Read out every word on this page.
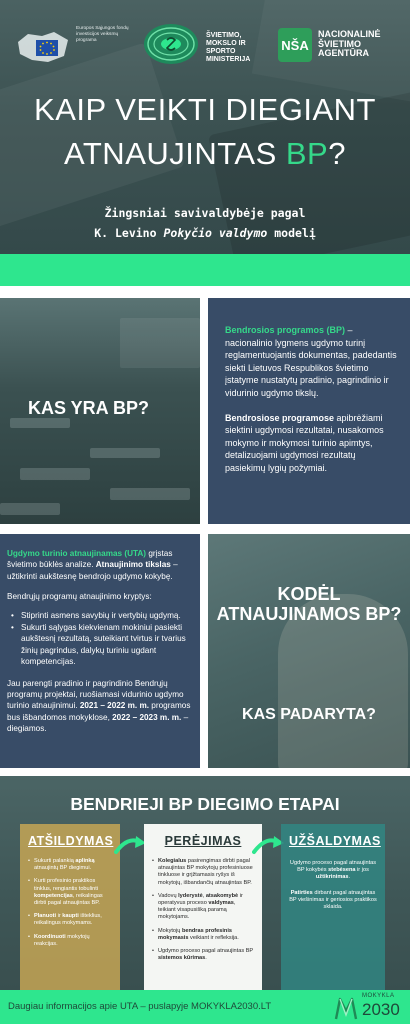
Europos Sąjungos fondų investicijos veiksmų programa
ŠVIETIMO, MOKSLO IR SPORTO MINISTERIJA
NŠA
NACIONALINĖ ŠVIETIMO AGENTŪRA
KAIP VEIKTI DIEGIANT
ATNAUJINTAS BP?
Žingsniai savivaldybėje pagal
K. Levino Pokyčio valdymo modelį
KAS YRA BP?

Bendrosios programos (BP) – nacionalinio lygmens ugdymo turinį reglamentuojantis dokumentas, padedantis siekti Lietuvos Respublikos švietimo įstatyme nustatytų pradinio, pagrindinio ir vidurinio ugdymo tikslų.

Bendrosiose programose apibrėžiami siektini ugdymosi rezultatai, nusakomos mokymo ir mokymosi turinio apimtys, detalizuojami ugdymosi rezultatų pasiekimų lygių požymiai.

Ugdymo turinio atnaujinamas (UTA) grįstas švietimo būklės analize. Atnaujinimo tikslas – užtikrinti aukštesnę bendrojo ugdymo kokybę.

Bendrųjų programų atnaujinimo kryptys:

• Stiprinti asmens savybių ir vertybių ugdymą.
• Sukurti sąlygas kiekvienam mokiniui pasiekti aukštesnį rezultatą, suteikiant tvirtus ir tvarius žinių pagrindus, dalykų turiniu ugdant kompetencijas.

Jau parengti pradinio ir pagrindinio Bendrųjų programų projektai, ruošiamasi vidurinio ugdymo turinio atnaujinimui. 2021 – 2022 m. m. programos bus išbandomos mokyklose, 2022 – 2023 m. m. – diegiamos.

KODĖL ATNAUJINAMOS BP?
KAS PADARYTA?
BENDRIEJI BP DIEGIMO ETAPAI
ATŠILDYMAS

• Sukurti palankią aplinką atnaujintų BP diegimui.

• Kurti profesinio praktikos tinklus, rengiantis tobulinti kompetencijas, reikalingas dirbti pagal atnaujintas BP.

• Planuoti ir kaupti išteklius, reikalingus mokymams.

• Koordinuoti mokytojų reakcijas.

PERĖJIMAS

• Kolegialus pasirengimas dirbti pagal atnaujintas BP mokytojų profesiniuose tinkluose ir grįžtamasis ryšys iš mokytojų, išbandančių atnaujintas BP.

• Vadovų lyderystė, atsakomybė ir operatyvus proceso valdymas, teikiant visapusišką paramą mokytojams.

• Mokytojų bendras profesinis mokymasis veikiant ir refleksija.

• Ugdymo proceso pagal atnaujintas BP sistemos kūrimas.

UŽŠALDYMAS

Ugdymo proceso pagal atnaujintas BP kokybės stebėsena ir jos užtikrinimas.

Patirties dirbant pagal atnaujintas BP viešinimas ir geriosios praktikos sklaida.

Daugiau informacijos apie UTA – puslapyje MOKYKLA2030.LT
MOKYKLA
2030
